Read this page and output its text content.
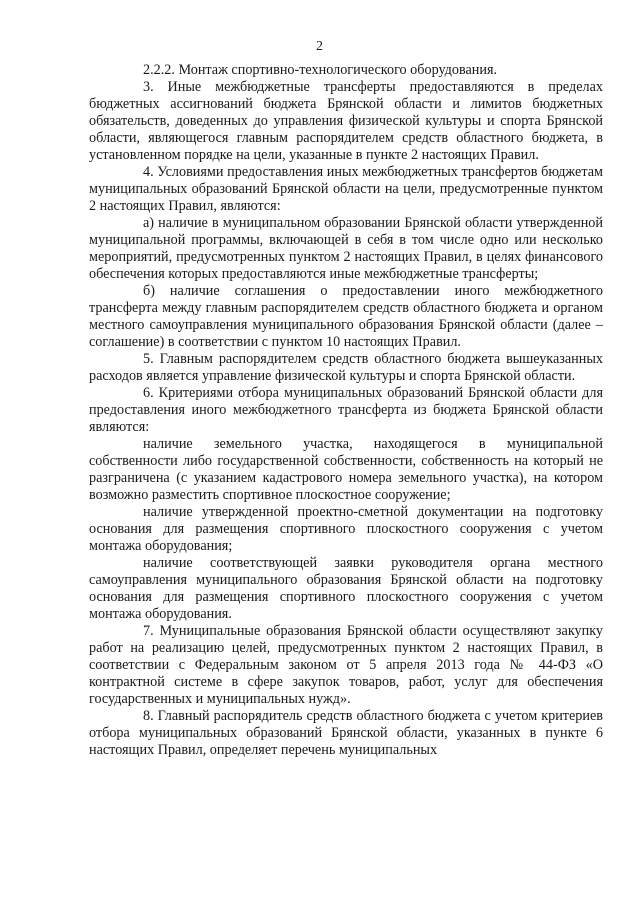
2

2.2.2. Монтаж спортивно-технологического оборудования.

3. Иные межбюджетные трансферты предоставляются в пределах бюджетных ассигнований бюджета Брянской области и лимитов бюджетных обязательств, доведенных до управления физической культуры и спорта Брянской области, являющегося главным распорядителем средств областного бюджета, в установленном порядке на цели, указанные в пункте 2 настоящих Правил.

4. Условиями предоставления иных межбюджетных трансфертов бюджетам муниципальных образований Брянской области на цели, предусмотренные пунктом 2 настоящих Правил, являются:

а) наличие в муниципальном образовании Брянской области утвержденной муниципальной программы, включающей в себя в том числе одно или несколько мероприятий, предусмотренных пунктом 2 настоящих Правил, в целях финансового обеспечения которых предоставляются иные межбюджетные трансферты;

б) наличие соглашения о предоставлении иного межбюджетного трансферта между главным распорядителем средств областного бюджета и органом местного самоуправления муниципального образования Брянской области (далее – соглашение) в соответствии с пунктом 10 настоящих Правил.

5. Главным распорядителем средств областного бюджета вышеуказанных расходов является управление физической культуры и спорта Брянской области.

6. Критериями отбора муниципальных образований Брянской области для предоставления иного межбюджетного трансферта из бюджета Брянской области являются:

наличие земельного участка, находящегося в муниципальной собственности либо государственной собственности, собственность на который не разграничена (с указанием кадастрового номера земельного участка), на котором возможно разместить спортивное плоскостное сооружение;

наличие утвержденной проектно-сметной документации на подготовку основания для размещения спортивного плоскостного сооружения с учетом монтажа оборудования;

наличие соответствующей заявки руководителя органа местного самоуправления муниципального образования Брянской области на подготовку основания для размещения спортивного плоскостного сооружения с учетом монтажа оборудования.

7. Муниципальные образования Брянской области осуществляют закупку работ на реализацию целей, предусмотренных пунктом 2 настоящих Правил, в соответствии с Федеральным законом от 5 апреля 2013 года № 44-ФЗ «О контрактной системе в сфере закупок товаров, работ, услуг для обеспечения государственных и муниципальных нужд».

8. Главный распорядитель средств областного бюджета с учетом критериев отбора муниципальных образований Брянской области, указанных в пункте 6 настоящих Правил, определяет перечень муниципальных
